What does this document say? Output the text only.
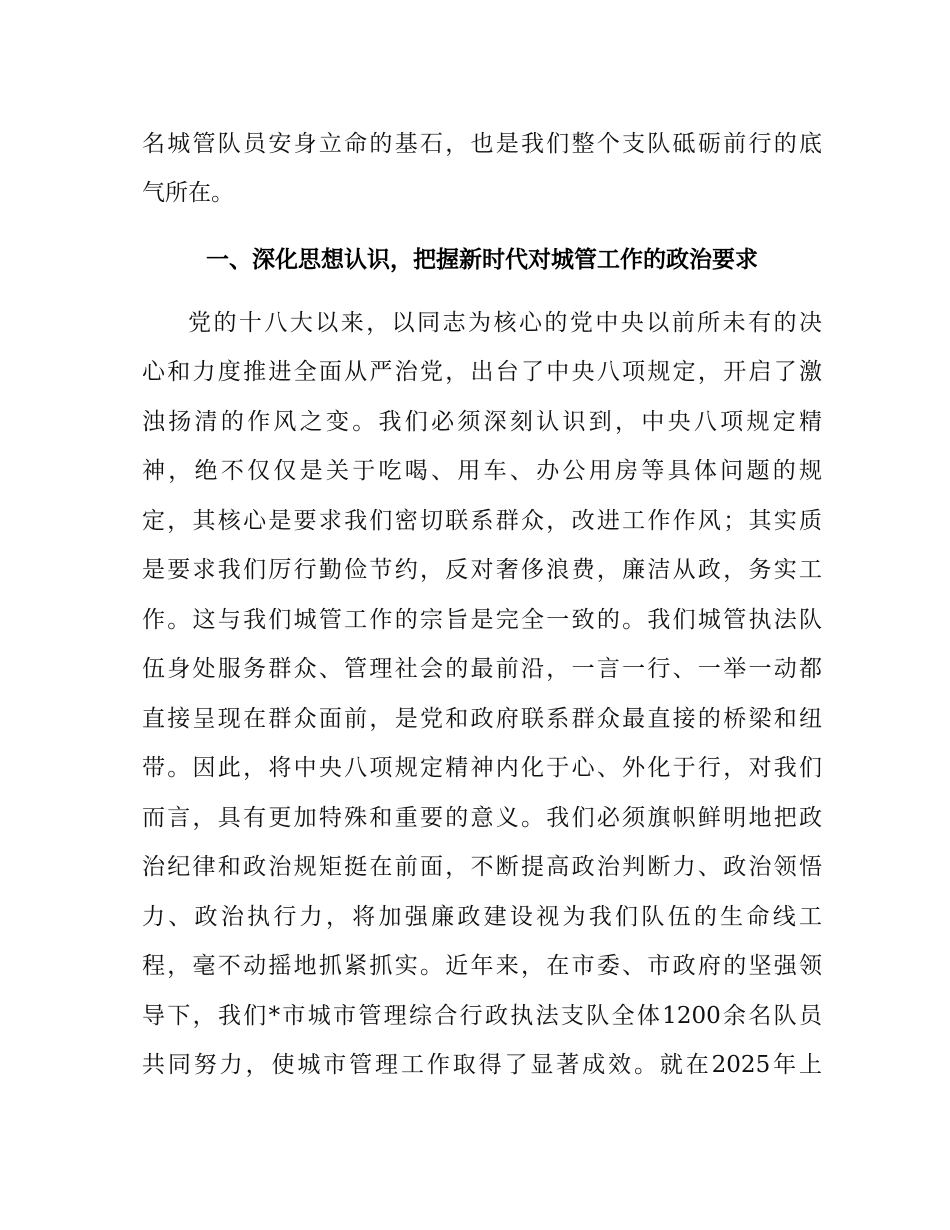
名城管队员安身立命的基石，也是我们整个支队砥砺前行的底
气所在。
一、深化思想认识，把握新时代对城管工作的政治要求
党的十八大以来，以同志为核心的党中央以前所未有的决
心和力度推进全面从严治党，出台了中央八项规定，开启了激
浊扬清的作风之变。我们必须深刻认识到，中央八项规定精
神，绝不仅仅是关于吃喝、用车、办公用房等具体问题的规
定，其核心是要求我们密切联系群众，改进工作作风；其实质
是要求我们厉行勤俭节约，反对奢侈浪费，廉洁从政，务实工
作。这与我们城管工作的宗旨是完全一致的。我们城管执法队
伍身处服务群众、管理社会的最前沿，一言一行、一举一动都
直接呈现在群众面前，是党和政府联系群众最直接的桥梁和纽
带。因此，将中央八项规定精神内化于心、外化于行，对我们
而言，具有更加特殊和重要的意义。我们必须旗帜鲜明地把政
治纪律和政治规矩挺在前面，不断提高政治判断力、政治领悟
力、政治执行力，将加强廉政建设视为我们队伍的生命线工
程，毫不动摇地抓紧抓实。近年来，在市委、市政府的坚强领
导下，我们*市城市管理综合行政执法支队全体1200余名队员
共同努力，使城市管理工作取得了显著成效。就在2025年上
